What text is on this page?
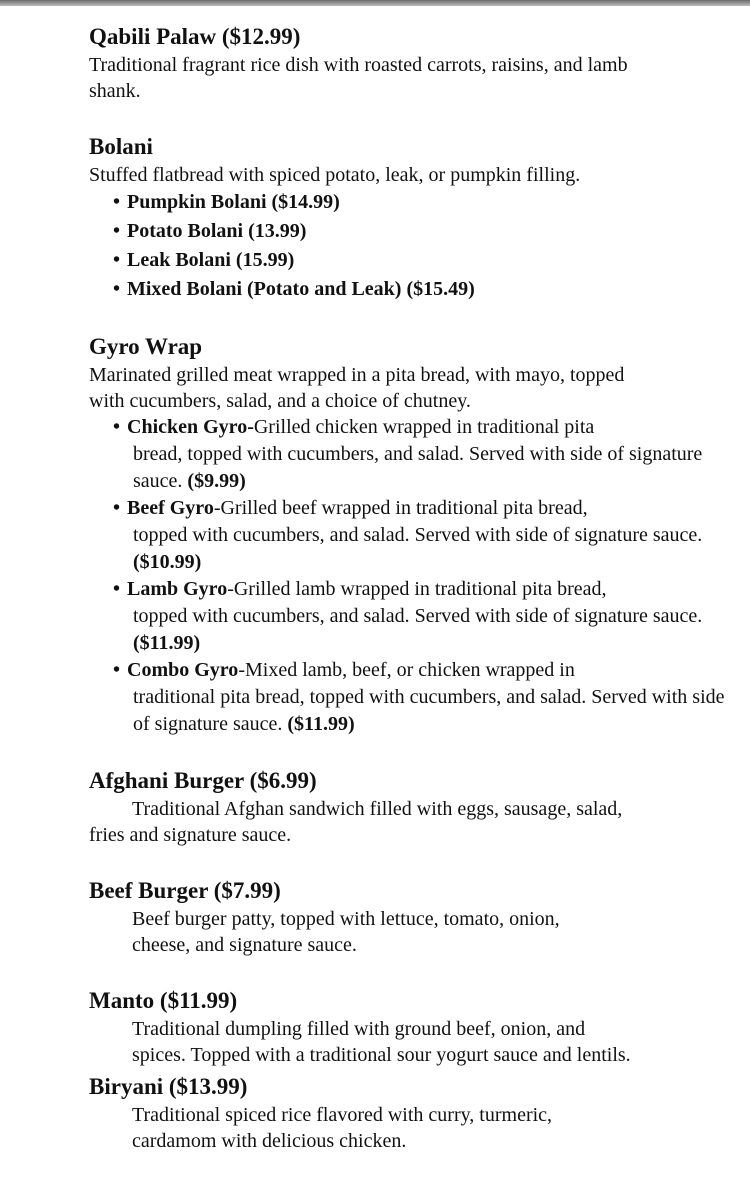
Qabili Palaw ($12.99)

Traditional fragrant rice dish with roasted carrots, raisins, and lamb shank.

Bolani

Stuffed flatbread with spiced potato, leak, or pumpkin filling.

• Pumpkin Bolani ($14.99)
• Potato Bolani (13.99)
• Leak Bolani (15.99)
• Mixed Bolani (Potato and Leak) ($15.49)

Gyro Wrap

Marinated grilled meat wrapped in a pita bread, with mayo, topped with cucumbers, salad, and a choice of chutney.

• Chicken Gyro-Grilled chicken wrapped in traditional pita
bread, topped with cucumbers, and salad. Served with side of signature sauce. ($9.99)
• Beef Gyro-Grilled beef wrapped in traditional pita bread,
topped with cucumbers, and salad. Served with side of signature sauce. ($10.99)
• Lamb Gyro-Grilled lamb wrapped in traditional pita bread,
topped with cucumbers, and salad. Served with side of signature sauce. ($11.99)
• Combo Gyro-Mixed lamb, beef, or chicken wrapped in
traditional pita bread, topped with cucumbers, and salad. Served with side of signature sauce. ($11.99)

Afghani Burger ($6.99)

Traditional Afghan sandwich filled with eggs, sausage, salad, fries and signature sauce.

Beef Burger ($7.99)

Beef burger patty, topped with lettuce, tomato, onion, cheese, and signature sauce.

Manto ($11.99)

Traditional dumpling filled with ground beef, onion, and spices. Topped with a traditional sour yogurt sauce and lentils.

Biryani ($13.99)

Traditional spiced rice flavored with curry, turmeric, cardamom with delicious chicken.
